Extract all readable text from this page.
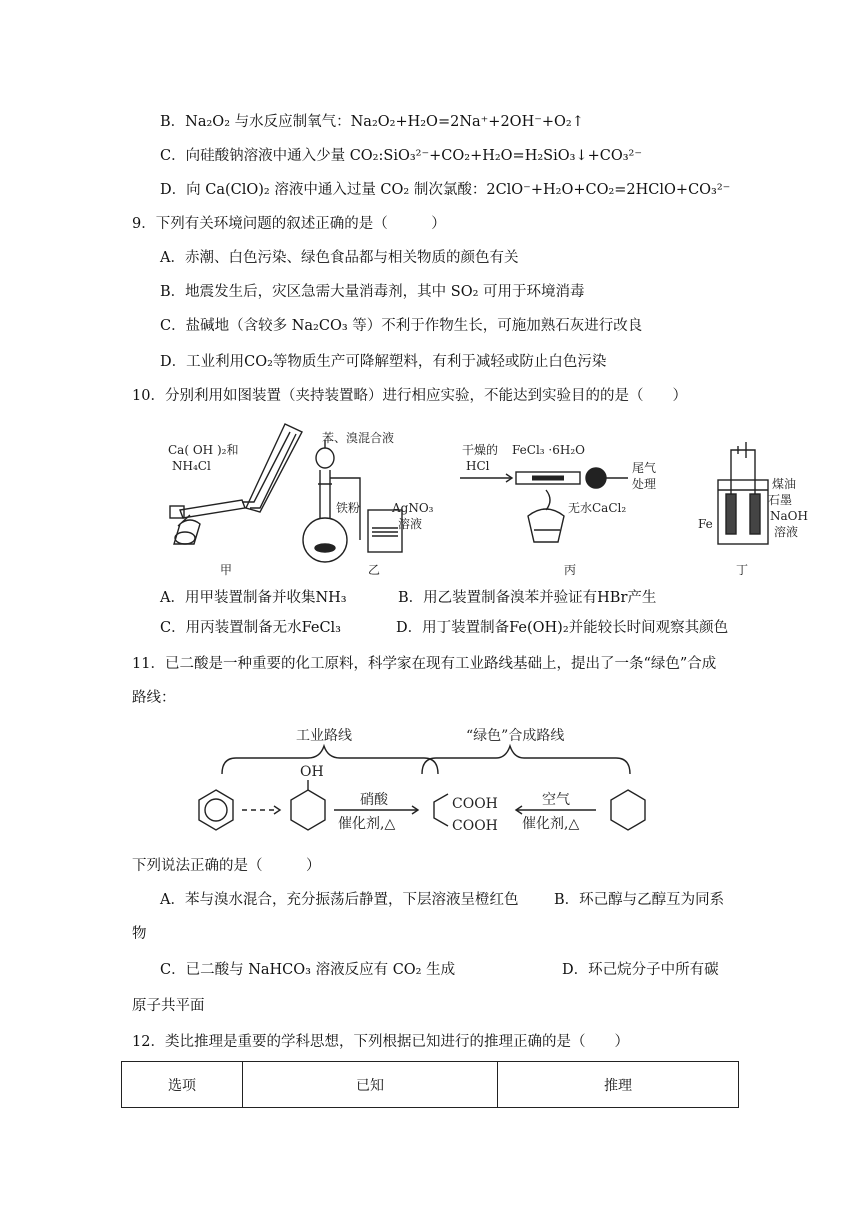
B．Na₂O₂ 与水反应制氧气：Na₂O₂+H₂O=2Na⁺+2OH⁻+O₂↑
C．向硅酸钠溶液中通入少量 CO₂:SiO₃²⁻+CO₂+H₂O=H₂SiO₃↓+CO₃²⁻
D．向 Ca(ClO)₂ 溶液中通入过量 CO₂ 制次氯酸：2ClO⁻+H₂O+CO₂=2HClO+CO₃²⁻
9．下列有关环境问题的叙述正确的是（　　　）
A．赤潮、白色污染、绿色食品都与相关物质的颜色有关
B．地震发生后，灾区急需大量消毒剂，其中 SO₂ 可用于环境消毒
C．盐碱地（含较多 Na₂CO₃ 等）不利于作物生长，可施加熟石灰进行改良
D．工业利用CO₂等物质生产可降解塑料，有利于减轻或防止白色污染
10．分别利用如图装置（夹持装置略）进行相应实验，不能达到实验目的的是（　　）
Ca( OH )₂和
NH₄Cl
苯、溴混合液
铁粉	AgNO₃
溶液
干燥的
HCl
FeCl₃ ·6H₂O
尾气
处理
无水CaCl₂
煤油
石墨
Fe
NaOH
溶液
甲	乙	丙	丁
A．用甲装置制备并收集NH₃	B．用乙装置制备溴苯并验证有HBr产生
C．用丙装置制备无水FeCl₃	D．用丁装置制备Fe(OH)₂并能较长时间观察其颜色
11．已二酸是一种重要的化工原料，科学家在现有工业路线基础上，提出了一条“绿色”合成
路线：
工业路线	“绿色”合成路线
OH
硝酸
催化剂,△
COOH
COOH
空气
催化剂,△
下列说法正确的是（　　　）
A．苯与溴水混合，充分振荡后静置，下层溶液呈橙红色 B．环己醇与乙醇互为同系
物
C．已二酸与 NaHCO₃ 溶液反应有 CO₂ 生成	D．环己烷分子中所有碳
原子共平面
12．类比推理是重要的学科思想，下列根据已知进行的推理正确的是（　　）
选项	已知	推理
